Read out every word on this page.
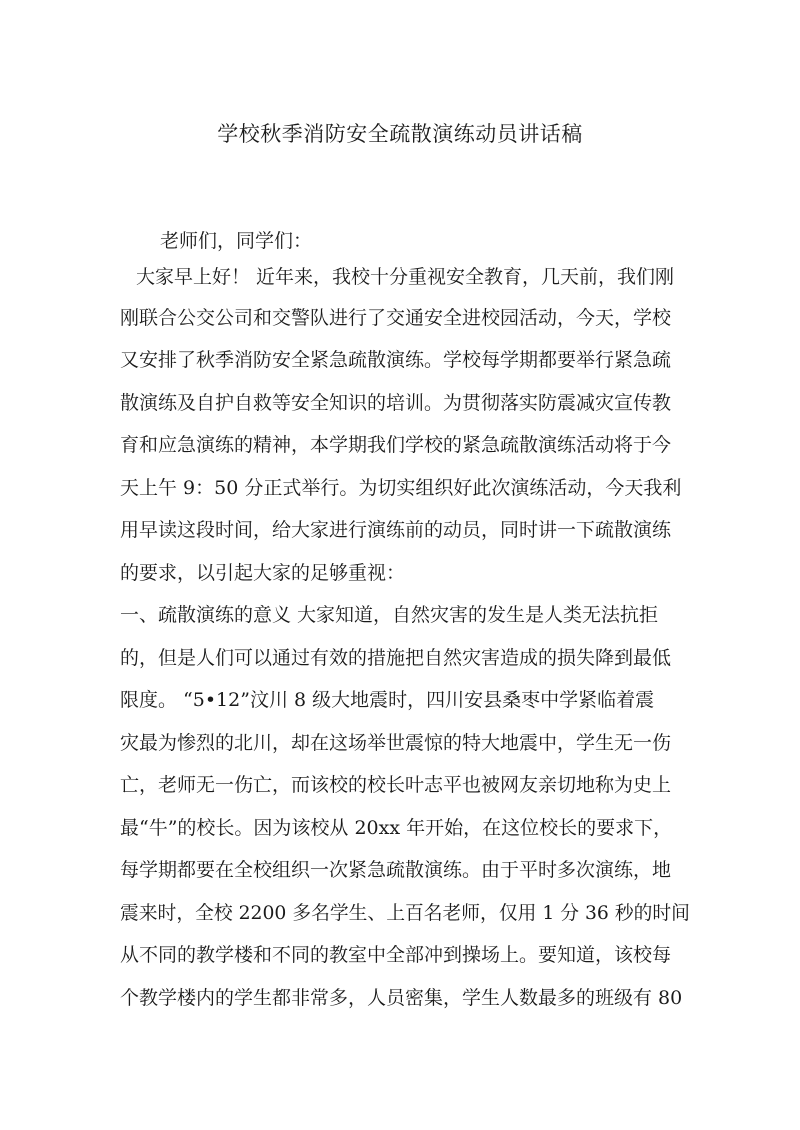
学校秋季消防安全疏散演练动员讲话稿
老师们，同学们：
大家早上好！ 近年来，我校十分重视安全教育，几天前，我们刚
刚联合公交公司和交警队进行了交通安全进校园活动，今天，学校
又安排了秋季消防安全紧急疏散演练。学校每学期都要举行紧急疏
散演练及自护自救等安全知识的培训。为贯彻落实防震减灾宣传教
育和应急演练的精神，本学期我们学校的紧急疏散演练活动将于今
天上午 9：50 分正式举行。为切实组织好此次演练活动，今天我利
用早读这段时间，给大家进行演练前的动员，同时讲一下疏散演练
的要求，以引起大家的足够重视：
一、疏散演练的意义 大家知道，自然灾害的发生是人类无法抗拒
的，但是人们可以通过有效的措施把自然灾害造成的损失降到最低
限度。 “5•12”汶川 8 级大地震时，四川安县桑枣中学紧临着震
灾最为惨烈的北川，却在这场举世震惊的特大地震中，学生无一伤
亡，老师无一伤亡，而该校的校长叶志平也被网友亲切地称为史上
最“牛”的校长。因为该校从 20xx 年开始，在这位校长的要求下，
每学期都要在全校组织一次紧急疏散演练。由于平时多次演练，地
震来时，全校 2200 多名学生、上百名老师，仅用 1 分 36 秒的时间
从不同的教学楼和不同的教室中全部冲到操场上。要知道，该校每
个教学楼内的学生都非常多，人员密集，学生人数最多的班级有 80
